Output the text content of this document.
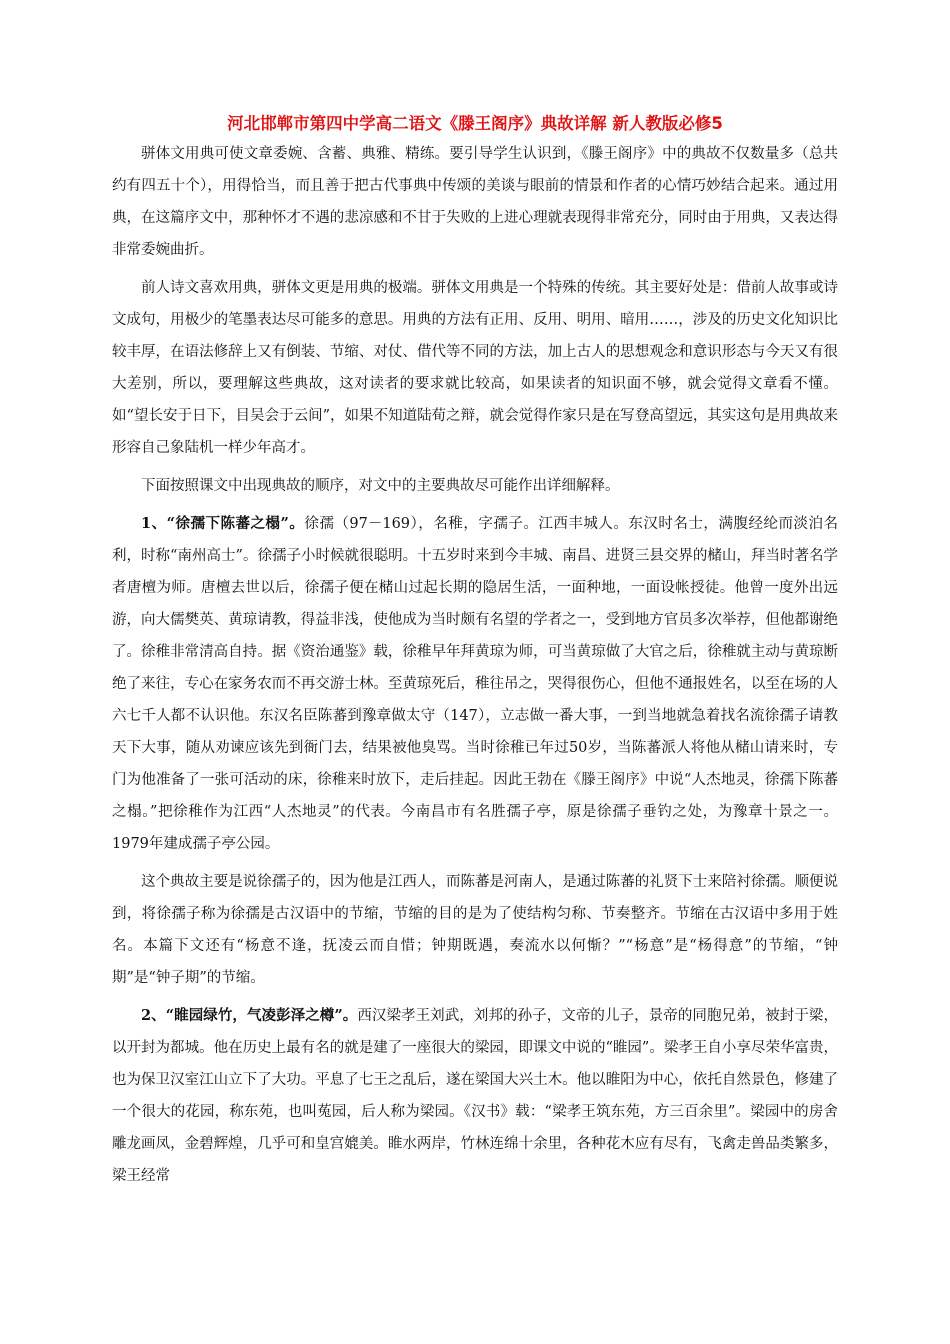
河北邯郸市第四中学高二语文《滕王阁序》典故详解 新人教版必修5

骈体文用典可使文章委婉、含蓄、典雅、精练。要引导学生认识到，《滕王阁序》中的典故不仅数量多（总共约有四五十个），用得恰当，而且善于把古代事典中传颂的美谈与眼前的情景和作者的心情巧妙结合起来。通过用典，在这篇序文中，那种怀才不遇的悲凉感和不甘于失败的上进心理就表现得非常充分，同时由于用典，又表达得非常委婉曲折。

前人诗文喜欢用典，骈体文更是用典的极端。骈体文用典是一个特殊的传统。其主要好处是：借前人故事或诗文成句，用极少的笔墨表达尽可能多的意思。用典的方法有正用、反用、明用、暗用……，涉及的历史文化知识比较丰厚，在语法修辞上又有倒装、节缩、对仗、借代等不同的方法，加上古人的思想观念和意识形态与今天又有很大差别，所以，要理解这些典故，这对读者的要求就比较高，如果读者的知识面不够，就会觉得文章看不懂。如“望长安于日下，目吴会于云间”，如果不知道陆荀之辩，就会觉得作家只是在写登高望远，其实这句是用典故来形容自己象陆机一样少年高才。

下面按照课文中出现典故的顺序，对文中的主要典故尽可能作出详细解释。

1、“徐孺下陈蕃之榻”。徐孺（97－169），名稚，字孺子。江西丰城人。东汉时名士，满腹经纶而淡泊名利，时称“南州高士”。徐孺子小时候就很聪明。十五岁时来到今丰城、南昌、进贤三县交界的槠山，拜当时著名学者唐檀为师。唐檀去世以后，徐孺子便在槠山过起长期的隐居生活，一面种地，一面设帐授徒。他曾一度外出远游，向大儒樊英、黄琼请教，得益非浅，使他成为当时颇有名望的学者之一，受到地方官员多次举荐，但他都谢绝了。徐稚非常清高自持。据《资治通鉴》载，徐稚早年拜黄琼为师，可当黄琼做了大官之后，徐稚就主动与黄琼断绝了来往，专心在家务农而不再交游士林。至黄琼死后，稚往吊之，哭得很伤心，但他不通报姓名，以至在场的人六七千人都不认识他。东汉名臣陈蕃到豫章做太守（147），立志做一番大事，一到当地就急着找名流徐孺子请教天下大事，随从劝谏应该先到衙门去，结果被他臭骂。当时徐稚已年过50岁，当陈蕃派人将他从槠山请来时，专门为他准备了一张可活动的床，徐稚来时放下，走后挂起。因此王勃在《滕王阁序》中说“人杰地灵，徐孺下陈蕃之榻。”把徐稚作为江西“人杰地灵”的代表。今南昌市有名胜孺子亭，原是徐孺子垂钓之处，为豫章十景之一。1979年建成孺子亭公园。

这个典故主要是说徐孺子的，因为他是江西人，而陈蕃是河南人，是通过陈蕃的礼贤下士来陪衬徐孺。顺便说到，将徐孺子称为徐孺是古汉语中的节缩，节缩的目的是为了使结构匀称、节奏整齐。节缩在古汉语中多用于姓名。本篇下文还有“杨意不逢，抚凌云而自惜；钟期既遇，奏流水以何惭？”“杨意”是“杨得意”的节缩，“钟期”是“钟子期”的节缩。

2、“睢园绿竹，气凌彭泽之樽”。西汉梁孝王刘武，刘邦的孙子，文帝的儿子，景帝的同胞兄弟，被封于梁，以开封为都城。他在历史上最有名的就是建了一座很大的梁园，即课文中说的“睢园”。梁孝王自小享尽荣华富贵，也为保卫汉室江山立下了大功。平息了七王之乱后，遂在梁国大兴土木。他以睢阳为中心，依托自然景色，修建了一个很大的花园，称东苑，也叫菟园，后人称为梁园。《汉书》载：“梁孝王筑东苑，方三百余里”。梁园中的房舍雕龙画凤，金碧辉煌，几乎可和皇宫媲美。睢水两岸，竹林连绵十余里，各种花木应有尽有，飞禽走兽品类繁多，梁王经常
